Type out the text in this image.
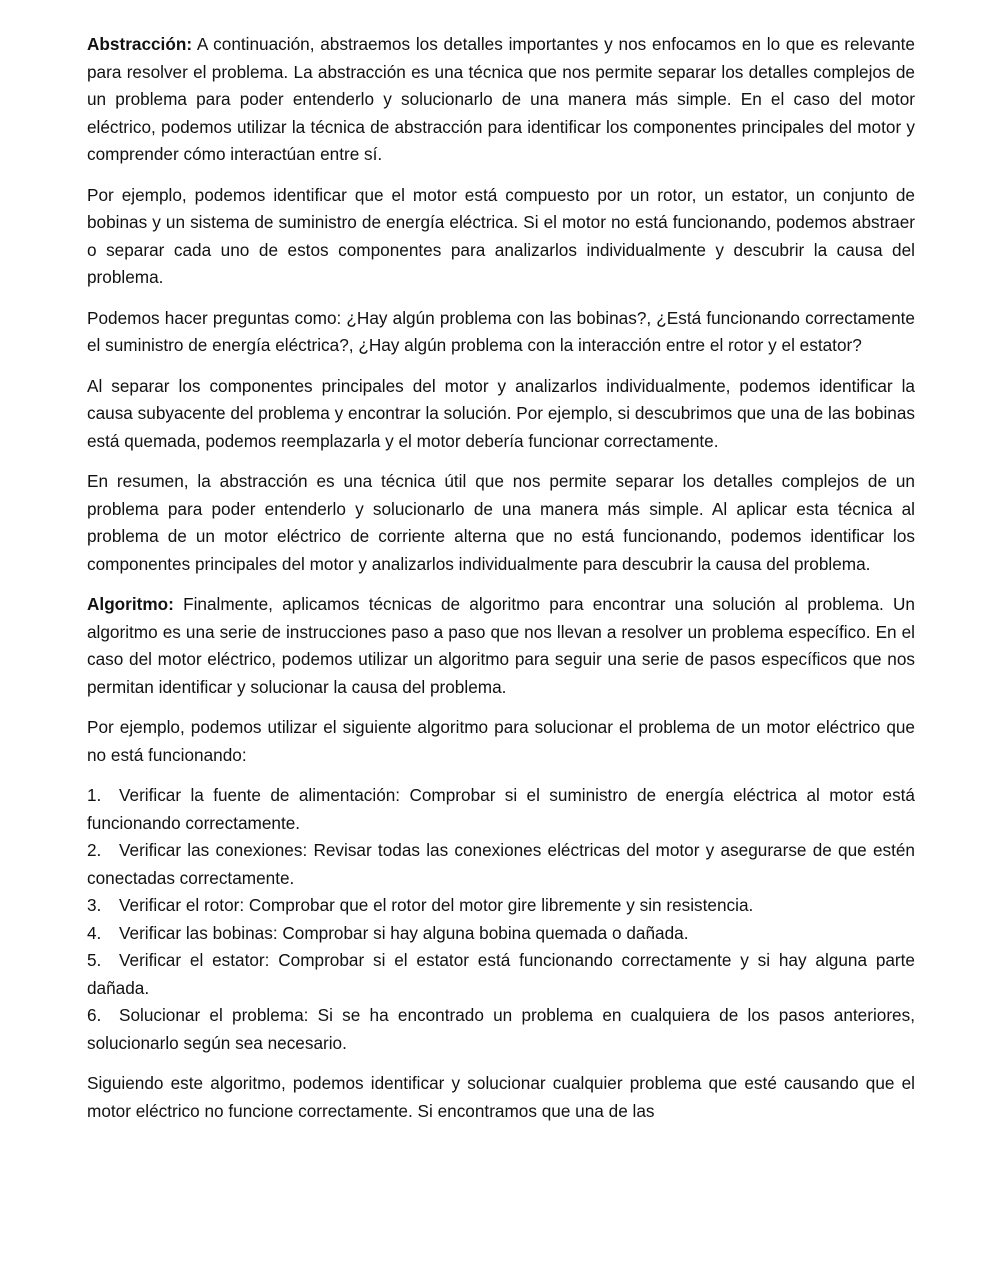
Abstracción: A continuación, abstraemos los detalles importantes y nos enfocamos en lo que es relevante para resolver el problema. La abstracción es una técnica que nos permite separar los detalles complejos de un problema para poder entenderlo y solucionarlo de una manera más simple. En el caso del motor eléctrico, podemos utilizar la técnica de abstracción para identificar los componentes principales del motor y comprender cómo interactúan entre sí.

Por ejemplo, podemos identificar que el motor está compuesto por un rotor, un estator, un conjunto de bobinas y un sistema de suministro de energía eléctrica. Si el motor no está funcionando, podemos abstraer o separar cada uno de estos componentes para analizarlos individualmente y descubrir la causa del problema.

Podemos hacer preguntas como: ¿Hay algún problema con las bobinas?, ¿Está funcionando correctamente el suministro de energía eléctrica?, ¿Hay algún problema con la interacción entre el rotor y el estator?

Al separar los componentes principales del motor y analizarlos individualmente, podemos identificar la causa subyacente del problema y encontrar la solución. Por ejemplo, si descubrimos que una de las bobinas está quemada, podemos reemplazarla y el motor debería funcionar correctamente.

En resumen, la abstracción es una técnica útil que nos permite separar los detalles complejos de un problema para poder entenderlo y solucionarlo de una manera más simple. Al aplicar esta técnica al problema de un motor eléctrico de corriente alterna que no está funcionando, podemos identificar los componentes principales del motor y analizarlos individualmente para descubrir la causa del problema.

Algoritmo: Finalmente, aplicamos técnicas de algoritmo para encontrar una solución al problema. Un algoritmo es una serie de instrucciones paso a paso que nos llevan a resolver un problema específico. En el caso del motor eléctrico, podemos utilizar un algoritmo para seguir una serie de pasos específicos que nos permitan identificar y solucionar la causa del problema.

Por ejemplo, podemos utilizar el siguiente algoritmo para solucionar el problema de un motor eléctrico que no está funcionando:

1. Verificar la fuente de alimentación: Comprobar si el suministro de energía eléctrica al motor está funcionando correctamente.
2. Verificar las conexiones: Revisar todas las conexiones eléctricas del motor y asegurarse de que estén conectadas correctamente.
3. Verificar el rotor: Comprobar que el rotor del motor gire libremente y sin resistencia.
4. Verificar las bobinas: Comprobar si hay alguna bobina quemada o dañada.
5. Verificar el estator: Comprobar si el estator está funcionando correctamente y si hay alguna parte dañada.
6. Solucionar el problema: Si se ha encontrado un problema en cualquiera de los pasos anteriores, solucionarlo según sea necesario.

Siguiendo este algoritmo, podemos identificar y solucionar cualquier problema que esté causando que el motor eléctrico no funcione correctamente. Si encontramos que una de las
